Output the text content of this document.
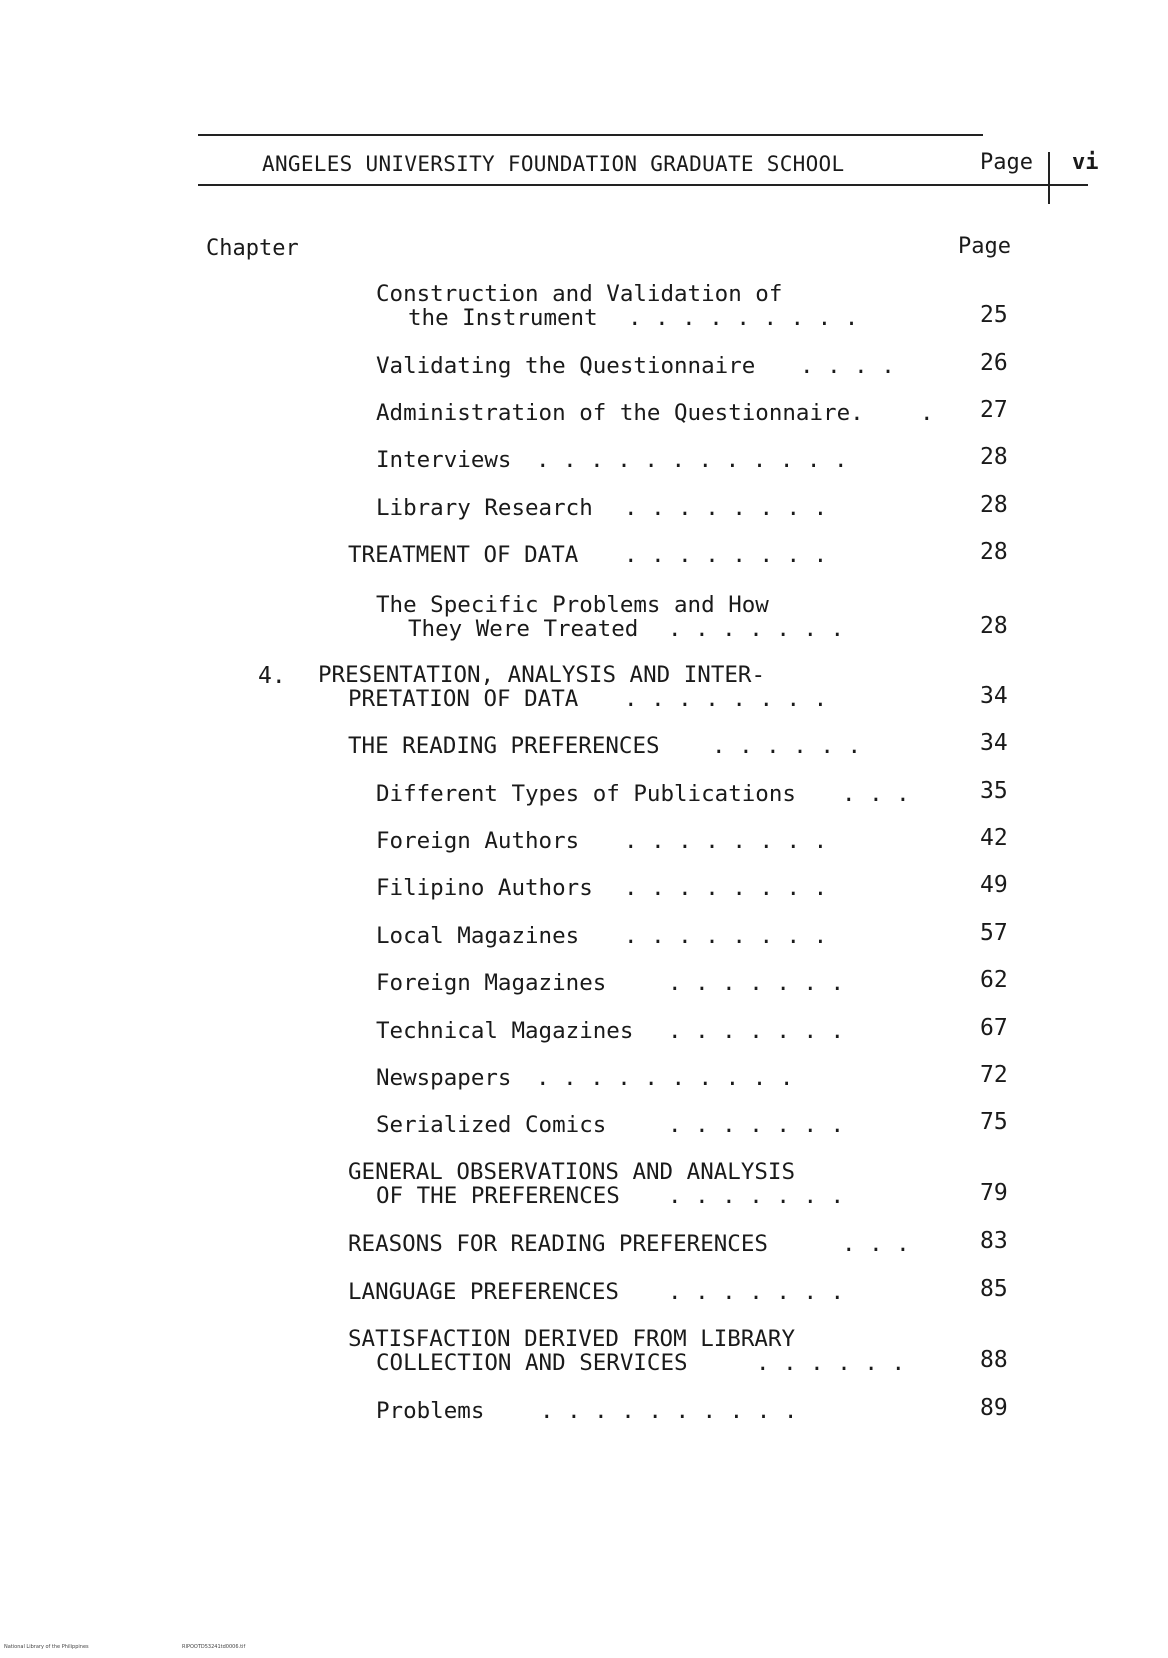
ANGELES UNIVERSITY FOUNDATION GRADUATE SCHOOL	Page vi
Chapter	Page
Construction and Validation of
the Instrument . . . . . . . . .	25
Validating the Questionnaire . . . .	26
Administration of the Questionnaire.	. 27
Interviews . . . . . . . . . . . .	28
Library Research . . . . . . . .	28
TREATMENT OF DATA . . . . . . . .	28
The Specific Problems and How
They Were Treated . . . . . . .	28
4. PRESENTATION, ANALYSIS AND INTER-
PRETATION OF DATA . . . . . . . .	34
THE READING PREFERENCES . . . . . .	34
Different Types of Publications . . .	35
Foreign Authors . . . . . . . .	42
Filipino Authors . . . . . . . .	49
Local Magazines . . . . . . . .	57
Foreign Magazines	. . . . . . .	62
Technical Magazines . . . . . . .	67
Newspapers . . . . . . . . . .	72
Serialized Comics	. . . . . . .	75
GENERAL OBSERVATIONS AND ANALYSIS
OF THE PREFERENCES . . . . . . .	79
REASONS FOR READING PREFERENCES	. . .	83
LANGUAGE PREFERENCES . . . . . . .	85
SATISFACTION DERIVED FROM LIBRARY
COLLECTION AND SERVICES	. . . . . .	88
Problems . . . . . . . . . .	89
National Library of the Philippines	RIPOOTD53241td0006.tif
